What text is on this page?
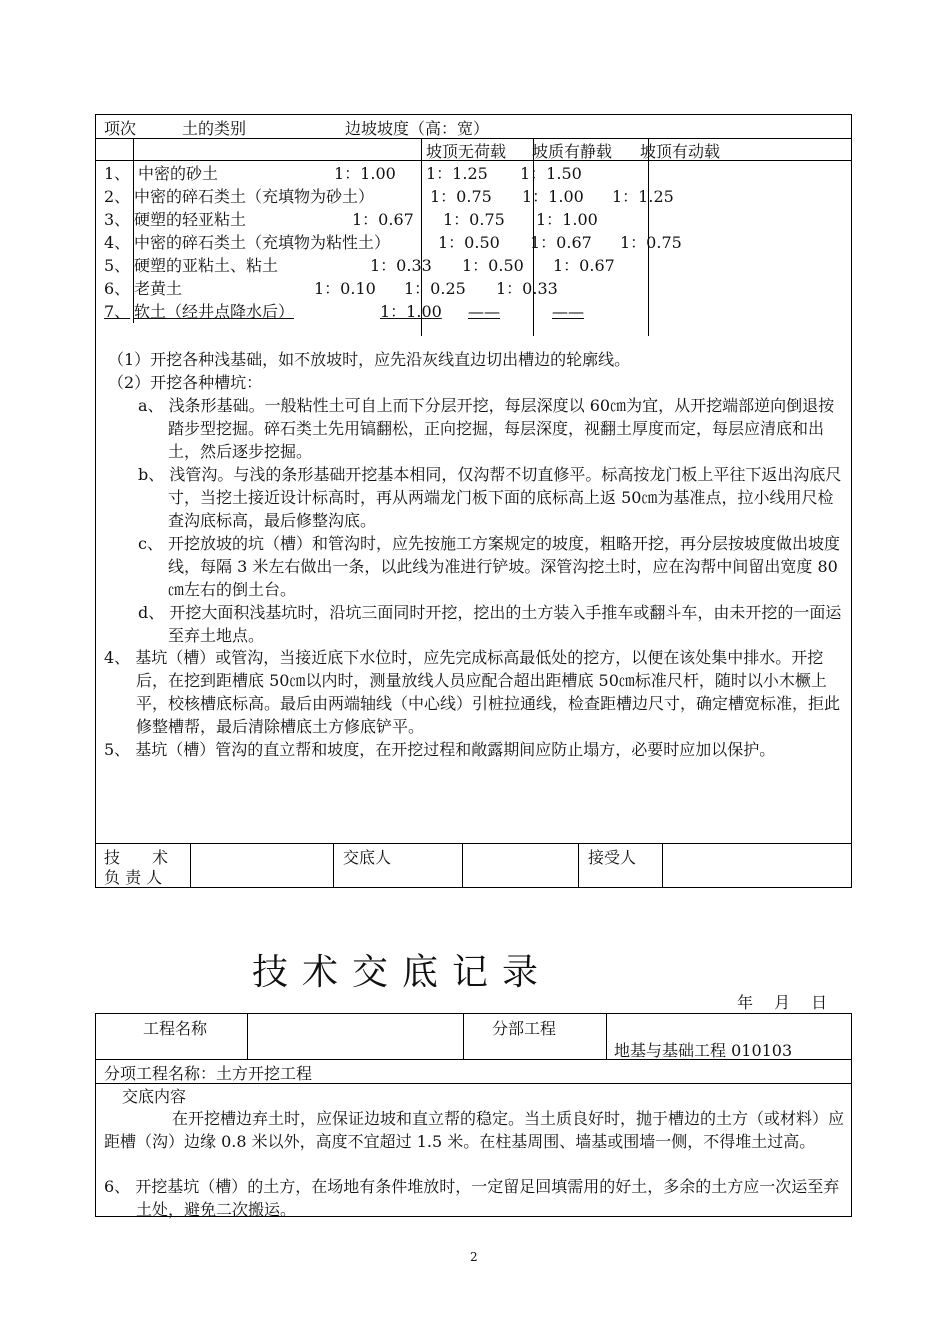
项次	土的类别	边坡坡度（高：宽）
坡顶无荷载 坡质有静载 坡顶有动载
1、 中密的砂土	1：1.00 1：1.25 1：1.50
2、 中密的碎石类土（充填物为砂土）	1：0.75 1：1.00 1：1.25
3、 硬塑的轻亚粘土	1：0.67 1：0.75 1：1.00
4、 中密的碎石类土（充填物为粘性土）	1：0.50 1：0.67 1：0.75
5、 硬塑的亚粘土、粘土	1：0.33 1：0.50 1：0.67
6、 老黄土	1：0.10 1：0.25 1：0.33
7、 软土（经井点降水后）	1：1.00 ——	——
（1）开挖各种浅基础，如不放坡时，应先沿灰线直边切出槽边的轮廓线。
（2）开挖各种槽坑：
a、 浅条形基础。一般粘性土可自上而下分层开挖，每层深度以 60㎝为宜，从开挖端部逆向倒退按踏步型挖掘。碎石类土先用镐翻松，正向挖掘，每层深度，视翻土厚度而定，每层应清底和出土，然后逐步挖掘。
b、 浅管沟。与浅的条形基础开挖基本相同，仅沟帮不切直修平。标高按龙门板上平往下返出沟底尺寸，当挖土接近设计标高时，再从两端龙门板下面的底标高上返 50㎝为基准点，拉小线用尺检查沟底标高，最后修整沟底。
c、 开挖放坡的坑（槽）和管沟时，应先按施工方案规定的坡度，粗略开挖，再分层按坡度做出坡度线，每隔 3 米左右做出一条，以此线为准进行铲坡。深管沟挖土时，应在沟帮中间留出宽度 80㎝左右的倒土台。
d、 开挖大面积浅基坑时，沿坑三面同时开挖，挖出的土方装入手推车或翻斗车，由未开挖的一面运至弃土地点。
4、 基坑（槽）或管沟，当接近底下水位时，应先完成标高最低处的挖方，以便在该处集中排水。开挖后，在挖到距槽底 50㎝以内时，测量放线人员应配合超出距槽底 50㎝标准尺杆，随时以小木橛上平，校核槽底标高。最后由两端轴线（中心线）引桩拉通线，检查距槽边尺寸，确定槽宽标准，拒此修整槽帮，最后清除槽底土方修底铲平。
5、 基坑（槽）管沟的直立帮和坡度，在开挖过程和敞露期间应防止塌方，必要时应加以保护。
技　　术
负 责 人
交底人	接受人
技术交底记录
年　 月　 日
工程名称	分部工程
地基与基础工程 010103
分项工程名称：土方开挖工程
交底内容
在开挖槽边弃土时，应保证边坡和直立帮的稳定。当土质良好时，抛于槽边的土方（或材料）应距槽（沟）边缘 0.8 米以外，高度不宜超过 1.5 米。在柱基周围、墙基或围墙一侧，不得堆土过高。
6、 开挖基坑（槽）的土方，在场地有条件堆放时，一定留足回填需用的好土，多余的土方应一次运至弃土处，避免二次搬运。
2
